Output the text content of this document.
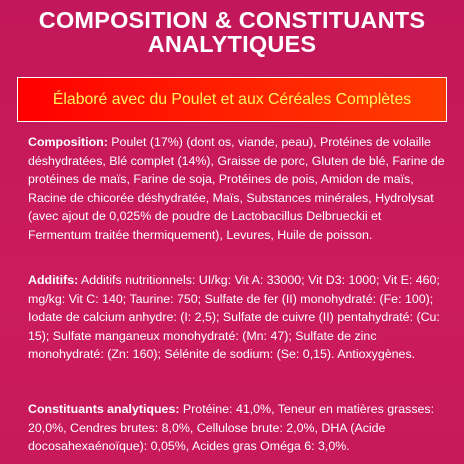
COMPOSITION & CONSTITUANTS
ANALYTIQUES
Élaboré avec du Poulet et aux Céréales Complètes
Composition: Poulet (17%) (dont os, viande, peau), Protéines de volaille déshydratées, Blé complet (14%), Graisse de porc, Gluten de blé, Farine de protéines de maïs, Farine de soja, Protéines de pois, Amidon de maïs, Racine de chicorée déshydratée, Maïs, Substances minérales, Hydrolysat (avec ajout de 0,025% de poudre de Lactobacillus Delbrueckii et Fermentum traitée thermiquement), Levures, Huile de poisson.
Additifs: Additifs nutritionnels: UI/kg: Vit A: 33000; Vit D3: 1000; Vit E: 460; mg/kg: Vit C: 140; Taurine: 750; Sulfate de fer (II) monohydraté: (Fe: 100); Iodate de calcium anhydre: (I: 2,5); Sulfate de cuivre (II) pentahydraté: (Cu: 15); Sulfate manganeux monohydraté: (Mn: 47); Sulfate de zinc monohydraté: (Zn: 160); Sélénite de sodium: (Se: 0,15). Antioxygènes.
Constituants analytiques: Protéine: 41,0%, Teneur en matières grasses: 20,0%, Cendres brutes: 8,0%, Cellulose brute: 2,0%, DHA (Acide docosahexaénoïque): 0,05%, Acides gras Oméga 6: 3,0%.
